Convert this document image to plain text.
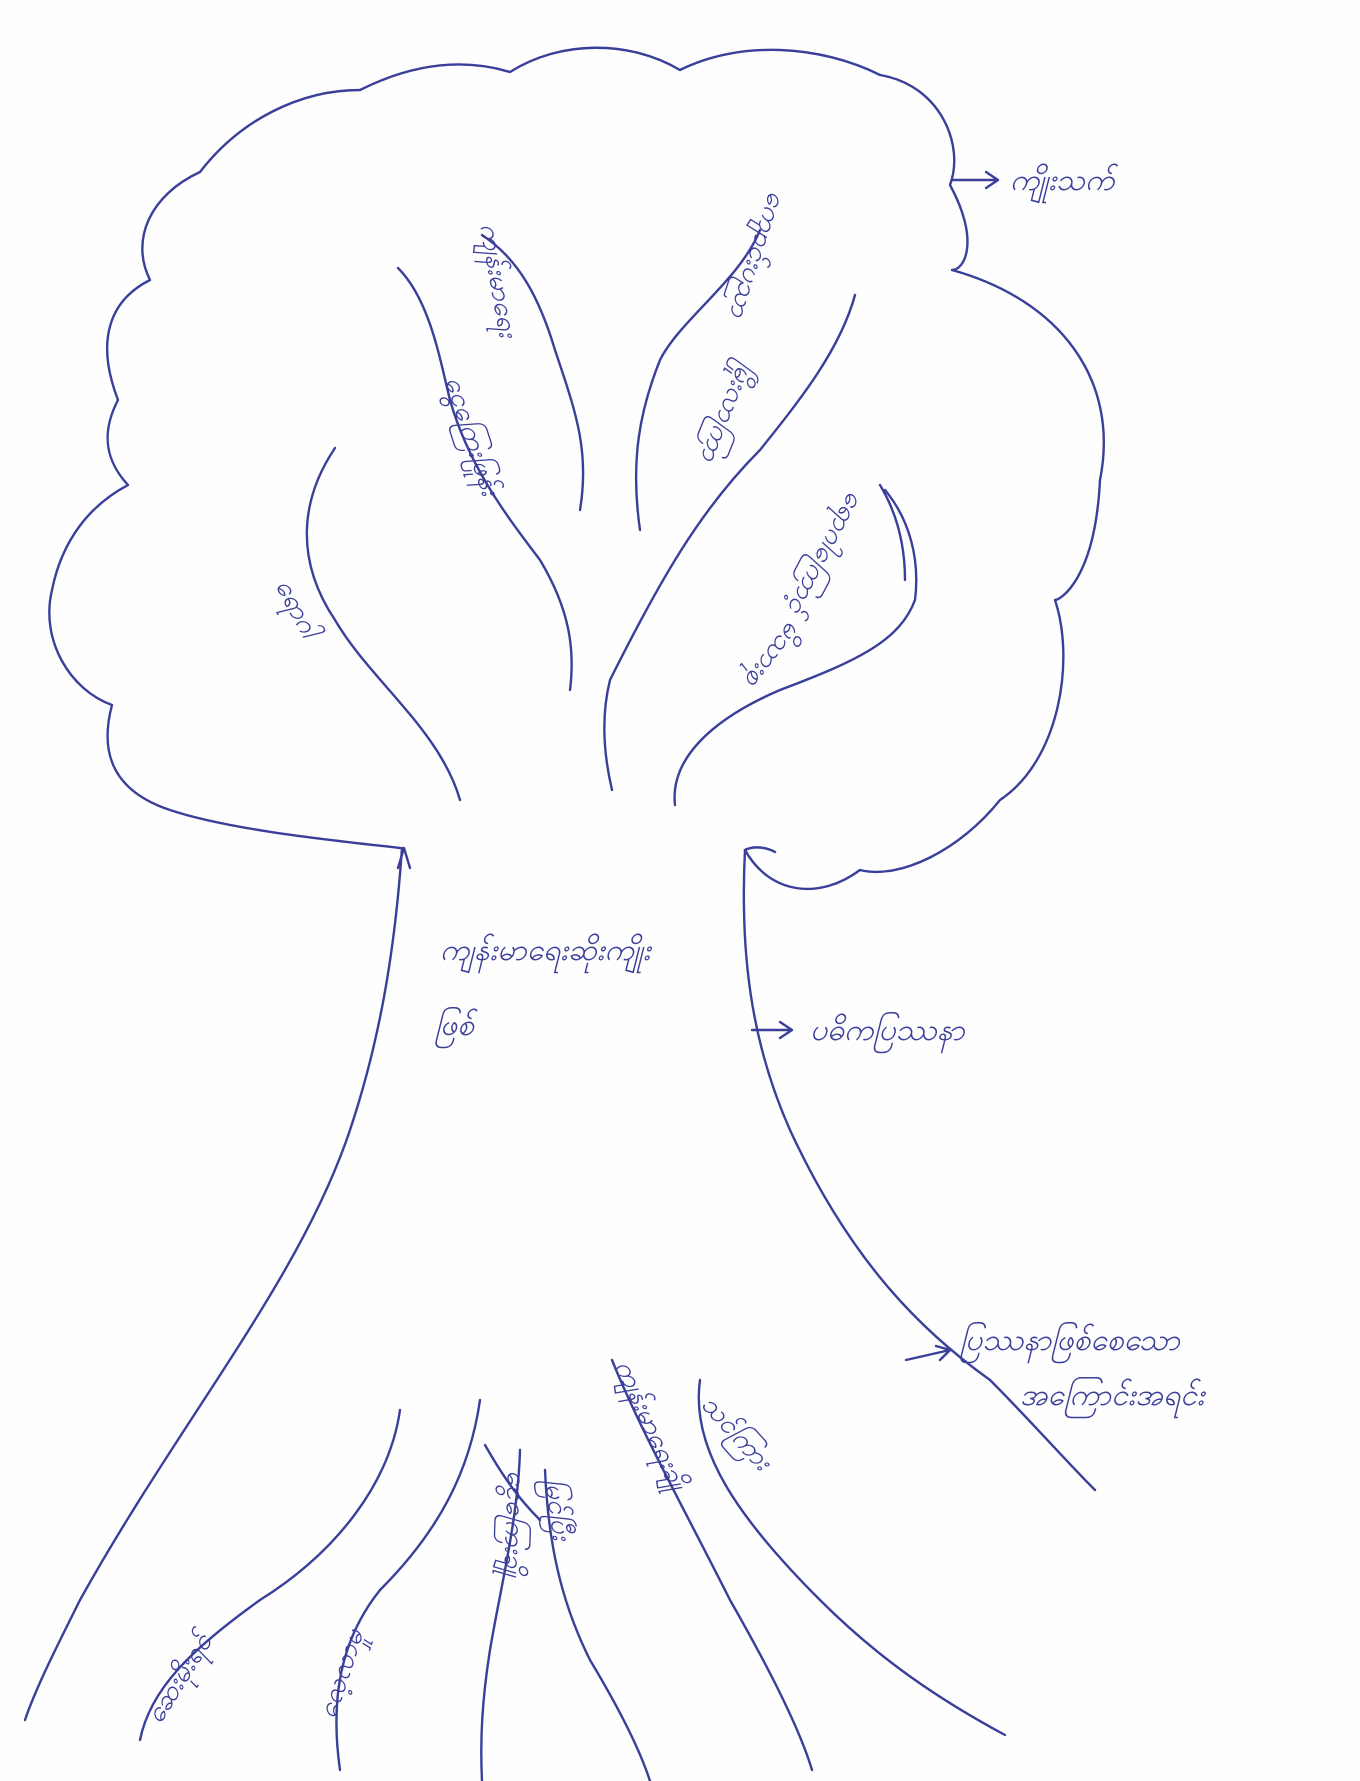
ကျိုးသက်
ပဓိကပြဿနာ
ပြဿနာဖြစ်စေသော
အကြောင်းအရင်း
ကျန်းမာရေးဆိုးကျိုး
ဖြစ်
ရောဂါ
ငွေကြေးဖြုန်း
ကျန်းမာရေး	ကျောင်းပညာ
မြိုးလာကြာ
ရောဂါကြောင့်
မိသားစု
ဆေးမိုးရင်	လေ့လာမှု
ငွေကြေးချို မြင်ပြီး
ကျန်းမာရေးချို သင်ကြား
